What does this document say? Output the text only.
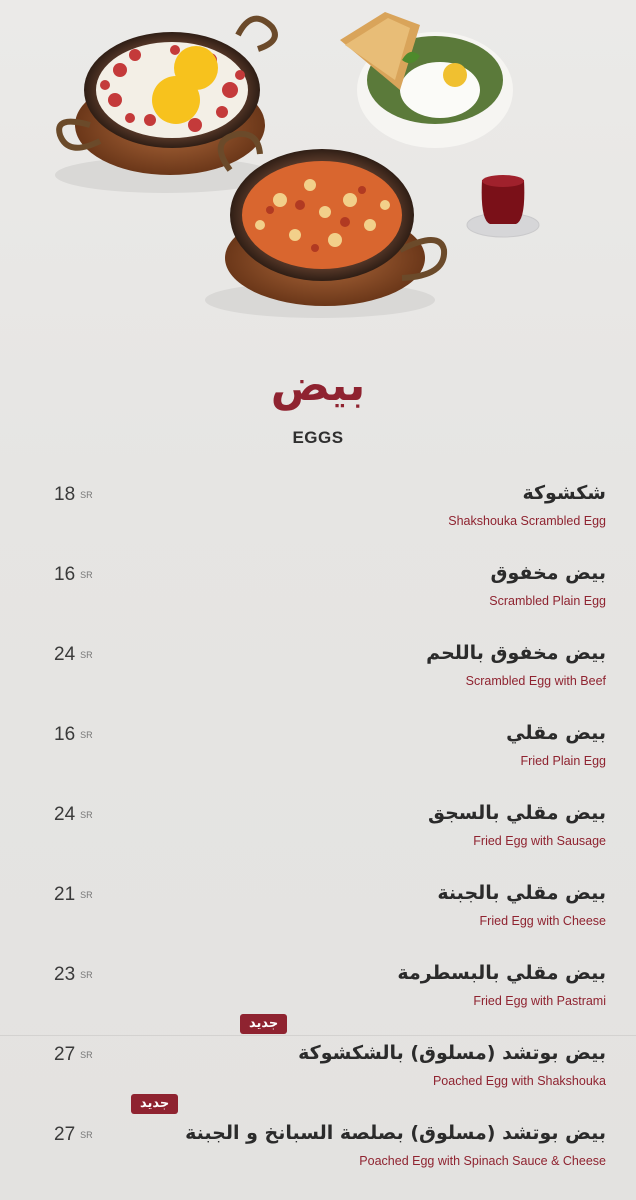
بيض
EGGS
شكشوكة
Shakshouka Scrambled Egg
18 SR
بيض مخفوق
Scrambled Plain Egg
16 SR
بيض مخفوق باللحم
Scrambled Egg with Beef
24 SR
بيض مقلي
Fried Plain Egg
16 SR
بيض مقلي بالسجق
Fried Egg with Sausage
24 SR
بيض مقلي بالجبنة
Fried Egg with Cheese
21 SR
بيض مقلي بالبسطرمة
Fried Egg with Pastrami
23 SR
جديد
بيض بوتشد (مسلوق) بالشكشوكة
Poached Egg with Shakshouka
27 SR
جديد
بيض بوتشد (مسلوق) بصلصة السبانخ و الجبنة
Poached Egg with Spinach Sauce & Cheese
27 SR
